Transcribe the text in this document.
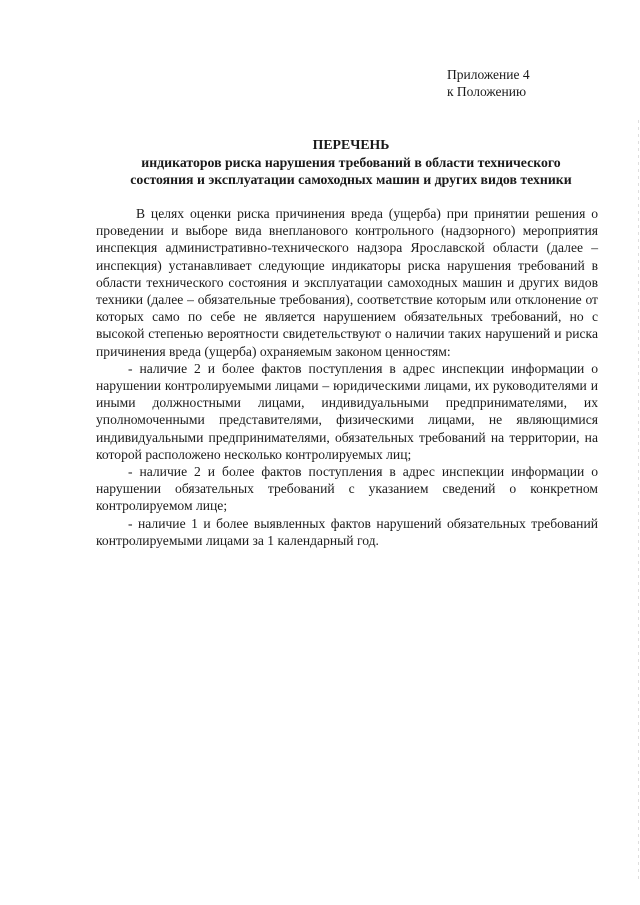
Приложение 4
к Положению
ПЕРЕЧЕНЬ
индикаторов риска нарушения требований в области технического
состояния и эксплуатации самоходных машин и других видов техники

В целях оценки риска причинения вреда (ущерба) при принятии решения о проведении и выборе вида внепланового контрольного (надзорного) мероприятия инспекция административно-технического надзора Ярославской области (далее – инспекция) устанавливает следующие индикаторы риска нарушения требований в области технического состояния и эксплуатации самоходных машин и других видов техники (далее – обязательные требования), соответствие которым или отклонение от которых само по себе не является нарушением обязательных требований, но с высокой степенью вероятности свидетельствуют о наличии таких нарушений и риска причинения вреда (ущерба) охраняемым законом ценностям:

- наличие 2 и более фактов поступления в адрес инспекции информации о нарушении контролируемыми лицами – юридическими лицами, их руководителями и иными должностными лицами, индивидуальными предпринимателями, их уполномоченными представителями, физическими лицами, не являющимися индивидуальными предпринимателями, обязательных требований на территории, на которой расположено несколько контролируемых лиц;

- наличие 2 и более фактов поступления в адрес инспекции информации о нарушении обязательных требований с указанием сведений о конкретном контролируемом лице;

- наличие 1 и более выявленных фактов нарушений обязательных требований контролируемыми лицами за 1 календарный год.
